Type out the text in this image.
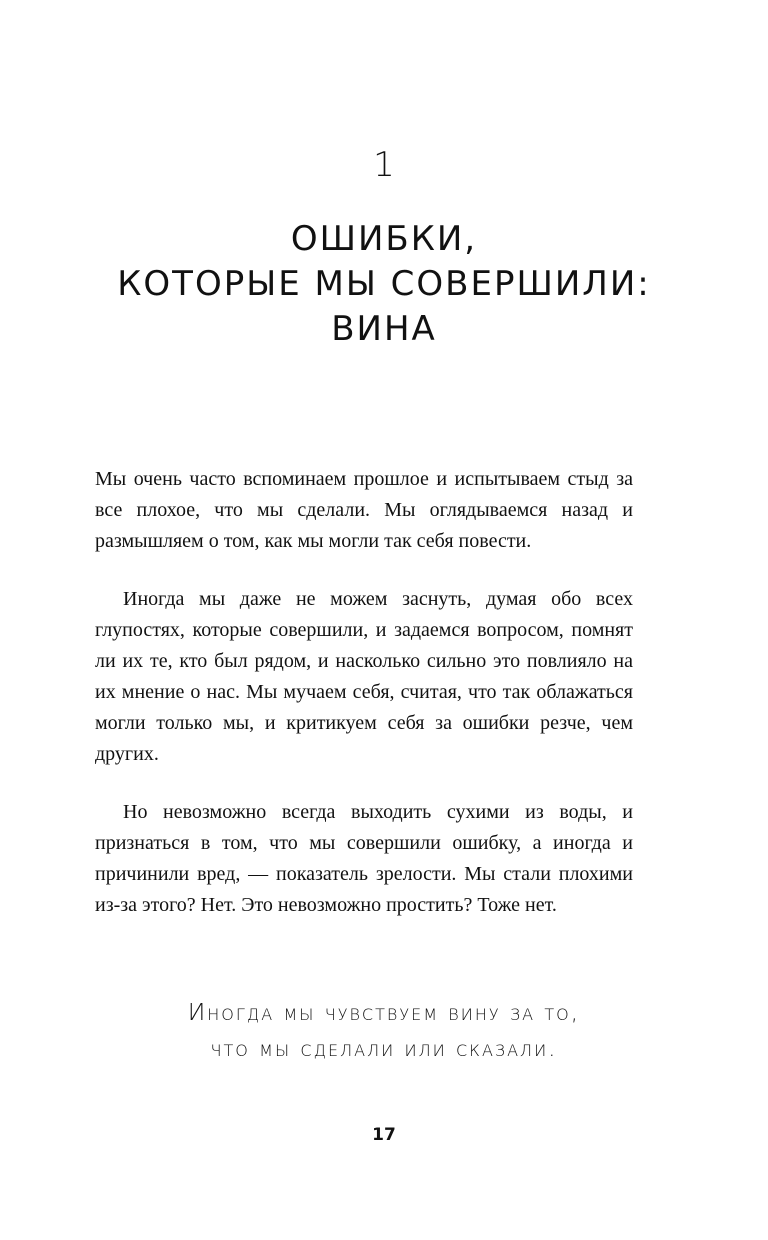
1
ОШИБКИ,
КОТОРЫЕ МЫ СОВЕРШИЛИ:
ВИНА

Мы очень часто вспоминаем прошлое и испытываем стыд за все плохое, что мы сделали. Мы оглядываемся назад и размышляем о том, как мы могли так себя повести.

Иногда мы даже не можем заснуть, думая обо всех глупостях, которые совершили, и задаемся вопросом, помнят ли их те, кто был рядом, и насколько сильно это повлияло на их мнение о нас. Мы мучаем себя, считая, что так облажаться могли только мы, и критикуем себя за ошибки резче, чем других.

Но невозможно всегда выходить сухими из воды, и признаться в том, что мы совершили ошибку, а иногда и причинили вред, — показатель зрелости. Мы стали плохими из-за этого? Нет. Это невозможно простить? Тоже нет.

Иногда мы чувствуем вину за то,
что мы сделали или сказали.
17
